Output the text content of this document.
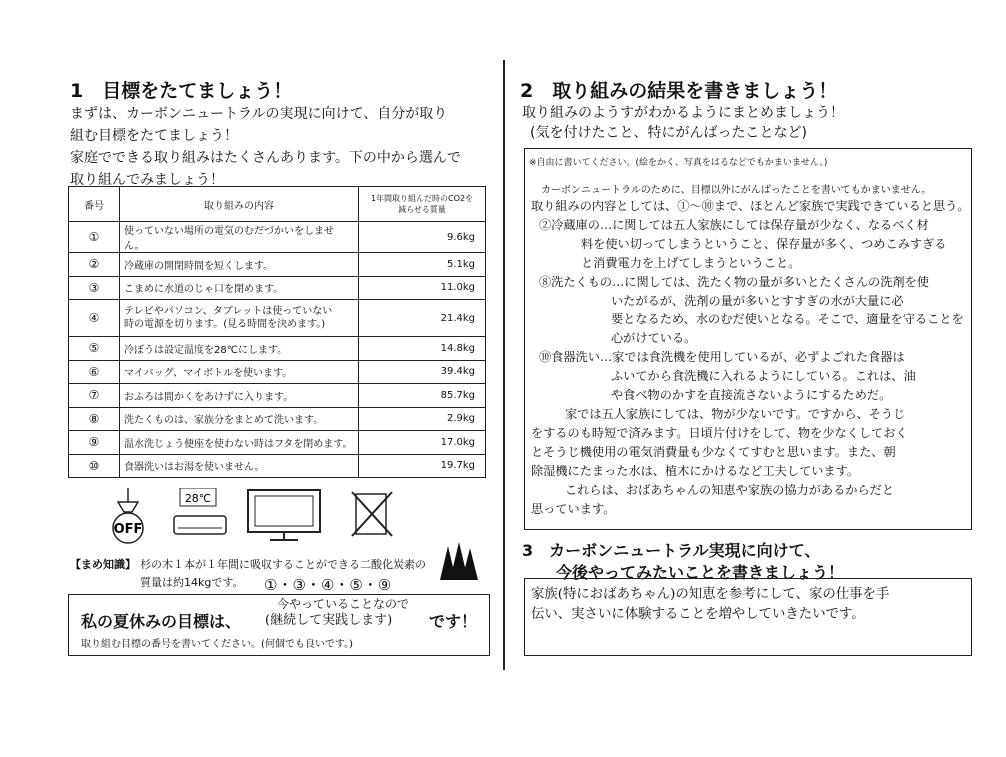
1　目標をたてましょう！
まずは、カーボンニュートラルの実現に向けて、自分が取り
組む目標をたてましょう！
家庭でできる取り組みはたくさんあります。下の中から選んで
取り組んでみましょう！
番号	取り組みの内容	1年間取り組んだ時のCO2を
減らせる質量

①	使っていない場所の電気のむだづかいをしません。	9.6kg
②	冷蔵庫の開閉時間を短くします。	5.1kg
③	こまめに水道のじゃ口を閉めます。	11.0kg
④	テレビやパソコン、タブレットは使っていない
時の電源を切ります。(見る時間を決めます。)	21.4kg
⑤	冷ぼうは設定温度を28℃にします。	14.8kg
⑥	マイバッグ、マイボトルを使います。	39.4kg
⑦	おふろは間かくをあけずに入ります。	85.7kg
⑧	洗たくものは、家族分をまとめて洗います。	2.9kg
⑨	温水洗じょう便座を使わない時はフタを閉めます。	17.0kg
⑩	食器洗いはお湯を使いません。	19.7kg
OFF
28℃
【まめ知識】 杉の木１本が１年間に吸収することができる二酸化炭素の
質量は約14kgです。 ①・③・④・⑤・⑨
私の夏休みの目標は、
今やっていることなので
(継続して実践します) です！
取り組む目標の番号を書いてください。(何個でも良いです。)
2　取り組みの結果を書きましょう！
取り組みのようすがわかるようにまとめましょう！
(気を付けたこと、特にがんばったことなど)
※自由に書いてください。(絵をかく、写真をはるなどでもかまいません。)
カーボンニュートラルのために、目標以外にがんばったことを書いてもかまいません。
取り組みの内容としては、①〜⑩まで、ほとんど家族で実践できていると思う。
②冷蔵庫の…に関しては五人家族にしては保存量が少なく、なるべく材
料を使い切ってしまうということ、保存量が多く、つめこみすぎる
と消費電力を上げてしまうということ。
⑧洗たくもの…に関しては、洗たく物の量が多いとたくさんの洗剤を使
いたがるが、洗剤の量が多いとすすぎの水が大量に必
要となるため、水のむだ使いとなる。そこで、適量を守ることを
心がけている。
⑩食器洗い…家では食洗機を使用しているが、必ずよごれた食器は
ふいてから食洗機に入れるようにしている。これは、油
や食べ物のかすを直接流さないようにするためだ。
家では五人家族にしては、物が少ないです。ですから、そうじ
をするのも時短で済みます。日頃片付けをして、物を少なくしておく
とそうじ機使用の電気消費量も少なくてすむと思います。また、朝
除湿機にたまった水は、植木にかけるなど工夫しています。
これらは、おばあちゃんの知恵や家族の協力があるからだと
思っています。
3　カーボンニュートラル実現に向けて、
今後やってみたいことを書きましょう！
家族(特におばあちゃん)の知恵を参考にして、家の仕事を手
伝い、実さいに体験することを増やしていきたいです。
